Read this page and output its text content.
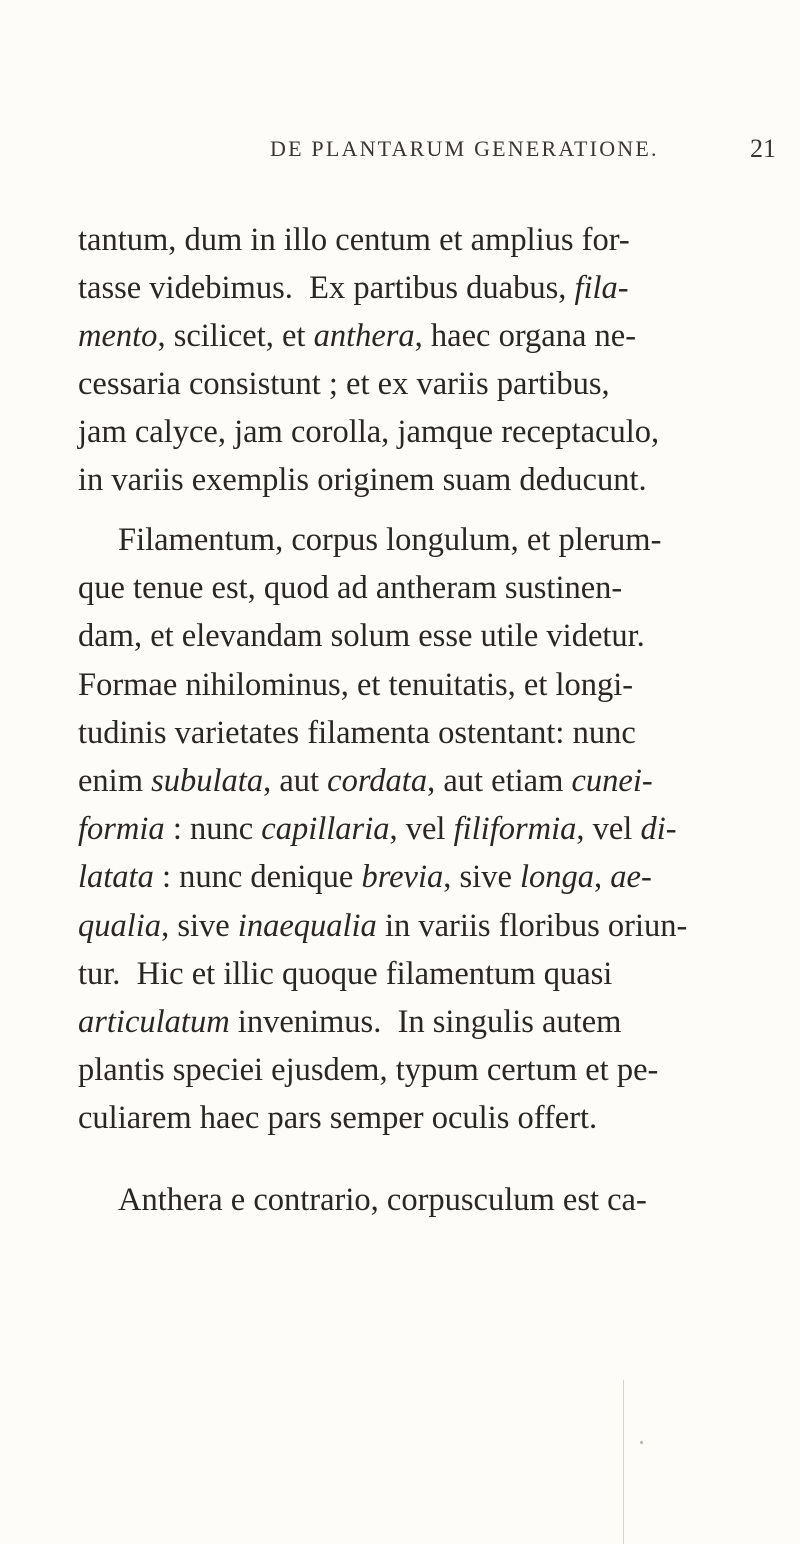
DE PLANTARUM GENERATIONE.	21
tantum, dum in illo centum et amplius for-
tasse videbimus.  Ex partibus duabus, fila-
mento, scilicet, et anthera, haec organa ne-
cessaria consistunt ; et ex variis partibus,
jam calyce, jam corolla, jamque receptaculo,
in variis exemplis originem suam deducunt.
Filamentum, corpus longulum, et plerum-
que tenue est, quod ad antheram sustinen-
dam, et elevandam solum esse utile videtur.
Formae nihilominus, et tenuitatis, et longi-
tudinis varietates filamenta ostentant: nunc
enim subulata, aut cordata, aut etiam cunei-
formia : nunc capillaria, vel filiformia, vel di-
latata : nunc denique brevia, sive longa, ae-
qualia, sive inaequalia in variis floribus oriun-
tur.  Hic et illic quoque filamentum quasi
articulatum invenimus.  In singulis autem
plantis speciei ejusdem, typum certum et pe-
culiarem haec pars semper oculis offert.
Anthera e contrario, corpusculum est ca-
